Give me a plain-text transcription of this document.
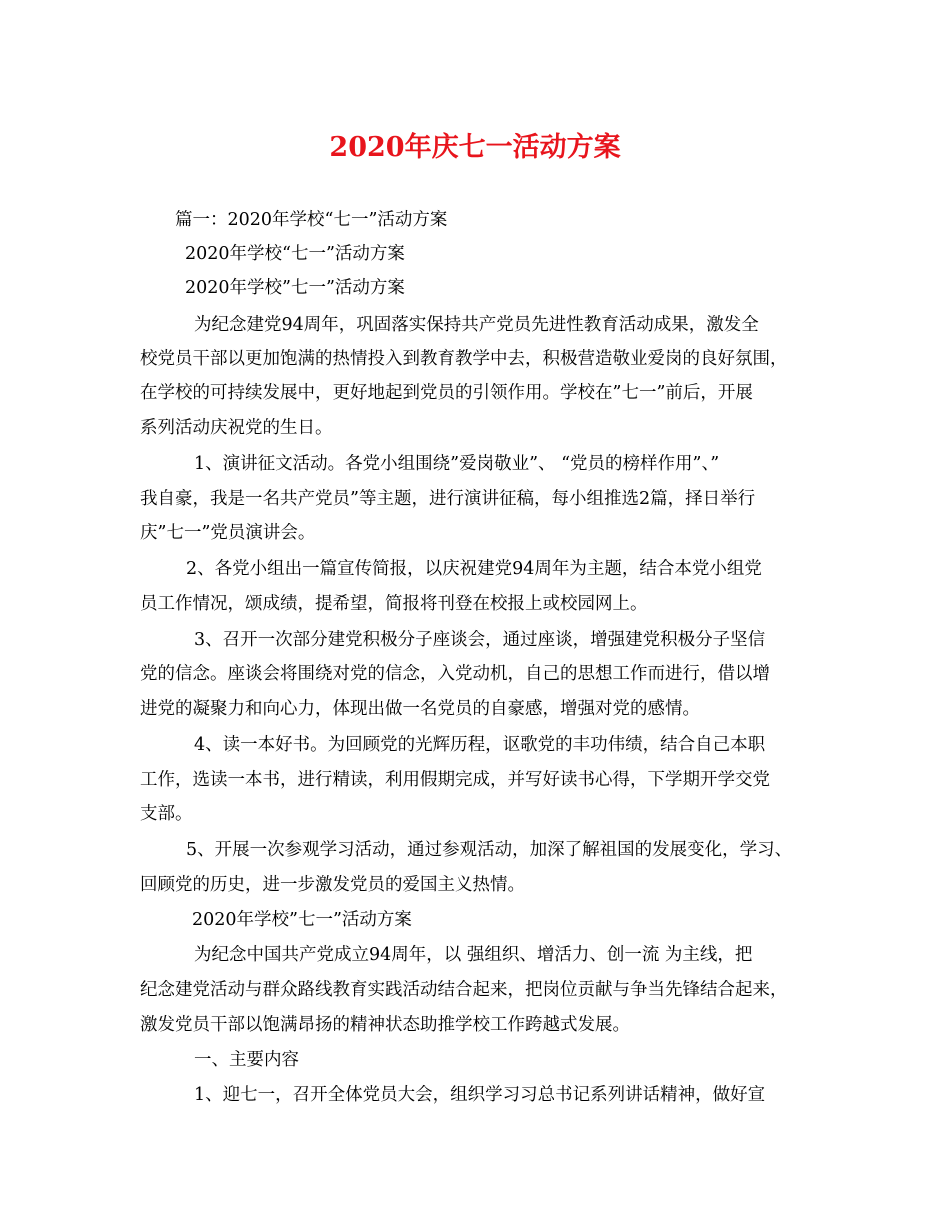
2020年庆七一活动方案
篇一：2020年学校“七一”活动方案
2020年学校“七一”活动方案
2020年学校”七一”活动方案
为纪念建党94周年，巩固落实保持共产党员先进性教育活动成果，激发全
校党员干部以更加饱满的热情投入到教育教学中去，积极营造敬业爱岗的良好氛围，
在学校的可持续发展中，更好地起到党员的引领作用。学校在”七一”前后，开展
系列活动庆祝党的生日。
1、演讲征文活动。各党小组围绕”爱岗敬业”、 “党员的榜样作用”、”
我自豪，我是一名共产党员”等主题，进行演讲征稿，每小组推选2篇，择日举行
庆”七一”党员演讲会。
2、各党小组出一篇宣传简报，以庆祝建党94周年为主题，结合本党小组党
员工作情况，颂成绩，提希望，简报将刊登在校报上或校园网上。
3、召开一次部分建党积极分子座谈会，通过座谈，增强建党积极分子坚信
党的信念。座谈会将围绕对党的信念，入党动机，自己的思想工作而进行，借以增
进党的凝聚力和向心力，体现出做一名党员的自豪感，增强对党的感情。
4、读一本好书。为回顾党的光辉历程，讴歌党的丰功伟绩，结合自己本职
工作，选读一本书，进行精读，利用假期完成，并写好读书心得，下学期开学交党
支部。
5、开展一次参观学习活动，通过参观活动，加深了解祖国的发展变化，学习、
回顾党的历史，进一步激发党员的爱国主义热情。
2020年学校”七一”活动方案
为纪念中国共产党成立94周年，以 强组织、增活力、创一流 为主线，把
纪念建党活动与群众路线教育实践活动结合起来，把岗位贡献与争当先锋结合起来，
激发党员干部以饱满昂扬的精神状态助推学校工作跨越式发展。
一、主要内容
1、迎七一，召开全体党员大会，组织学习习总书记系列讲话精神，做好宣
